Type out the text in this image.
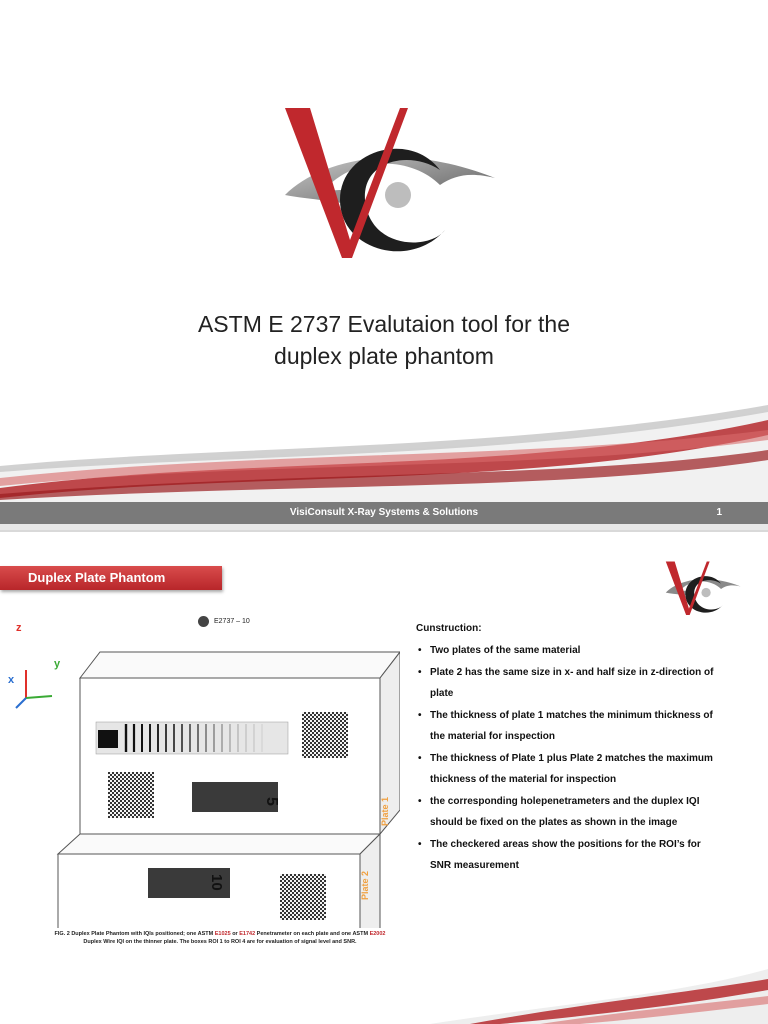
ASTM E 2737 Evalutaion tool for the
duplex plate phantom
VisiConsult X-Ray Systems & Solutions	1
Duplex Plate Phantom
E2737 – 10
5
10
z
y
x
Plate 1
Plate 2
FIG. 2 Duplex Plate Phantom with IQIs positioned; one ASTM E1025 or E1742 Penetrameter on each plate and one ASTM E2002 Duplex Wire IQI on the thinner plate. The boxes ROI 1 to ROI 4 are for evaluation of signal level and SNR.
Cunstruction:
• Two plates of the same material
• Plate 2 has the same size in x- and half size in z-direction of plate
• The thickness of plate 1 matches the minimum thickness of the material for inspection
• The thickness of Plate 1 plus Plate 2 matches the maximum thickness of the material for inspection
• the corresponding holepenetrameters and the duplex IQI should be fixed on the plates as shown in the image
• The checkered areas show the positions for the ROI’s for SNR measurement
